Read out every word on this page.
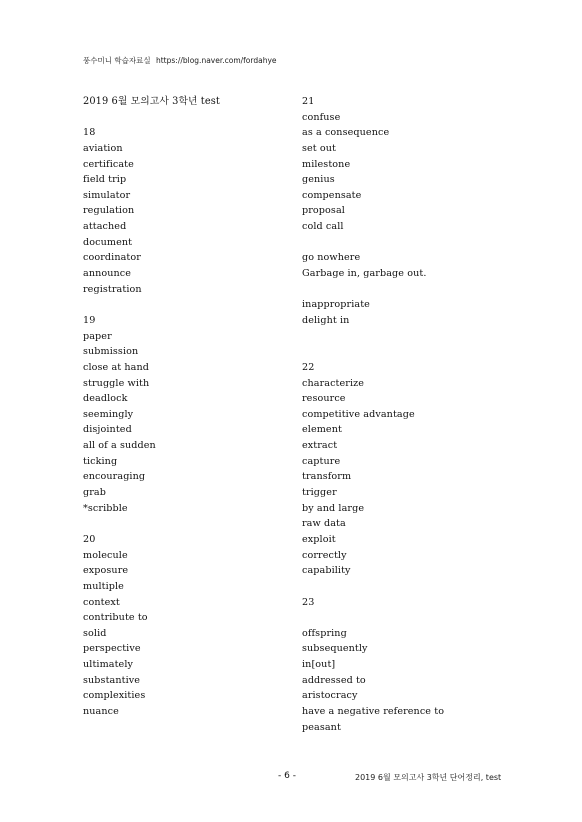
풍수미니 학습자료실 https://blog.naver.com/fordahye
2019 6월 모의고사 3학년 test
18
aviation
certificate
field trip
simulator
regulation
attached
document
coordinator
announce
registration
19
paper
submission
close at hand
struggle with
deadlock
seemingly
disjointed
all of a sudden
ticking
encouraging
grab
*scribble
20
molecule
exposure
multiple
context
contribute to
solid
perspective
ultimately
substantive
complexities
nuance
21
confuse
as a consequence
set out
milestone
genius
compensate
proposal
cold call
go nowhere
Garbage in, garbage out.
inappropriate
delight in
22
characterize
resource
competitive advantage
element
extract
capture
transform
trigger
by and large
raw data
exploit
correctly
capability
23
offspring
subsequently
in[out]
addressed to
aristocracy
have a negative reference to
peasant
- 6 -	2019 6월 모의고사 3학년 단어정리, test
